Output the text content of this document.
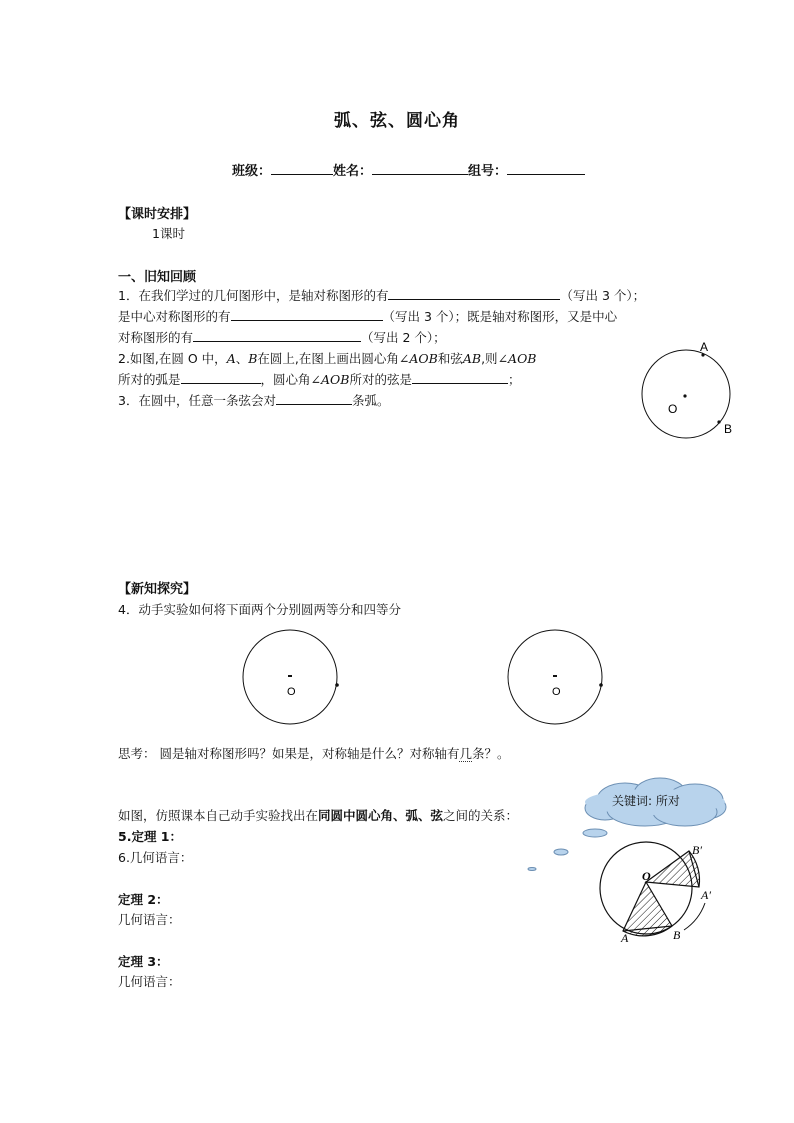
弧、弦、圆心角
班级：	姓名：	组号：
【课时安排】
1课时
一、旧知回顾
1．在我们学过的几何图形中，是轴对称图形的有	（写出 3 个）；
是中心对称图形的有	（写出 3 个）；既是轴对称图形，又是中心
对称图形的有	（写出 2 个）；
2.如图,在圆 O 中，A、B在圆上,在图上画出圆心角∠AOB和弦AB,则∠AOB
所对的弧是	，圆心角∠AOB所对的弦是	；
3．在圆中，任意一条弦会对	条弧。
A
O
B
【新知探究】
4．动手实验如何将下面两个分别圆两等分和四等分
O	O
思考： 圆是轴对称图形吗？如果是，对称轴是什么？对称轴有几条？。
关键词: 所对
如图，仿照课本自己动手实验找出在同圆中圆心角、弧、弦之间的关系：
5.定理 1：
6.几何语言：
定理 2：
几何语言：
定理 3：
几何语言：
O
A	B
A′
B′
